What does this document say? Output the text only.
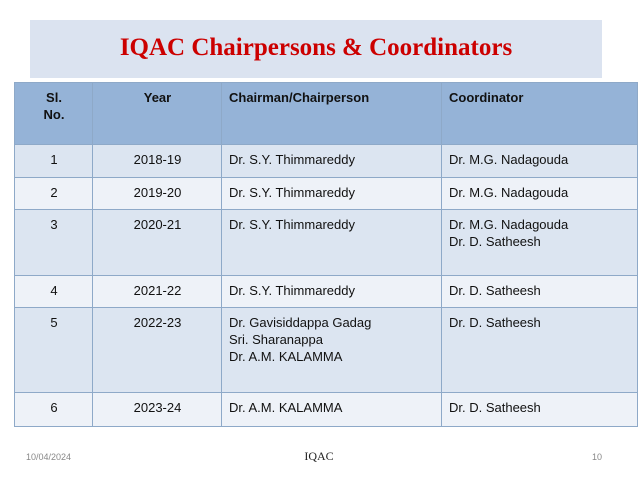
IQAC Chairpersons & Coordinators
Sl.
No.	Year	Chairman/Chairperson	Coordinator
1	2018-19	Dr. S.Y. Thimmareddy	Dr. M.G. Nadagouda

2	2019-20	Dr. S.Y. Thimmareddy	Dr. M.G. Nadagouda

3	2020-21	Dr. S.Y. Thimmareddy	Dr. M.G. Nadagouda
Dr. D. Satheesh

4	2021-22	Dr. S.Y. Thimmareddy	Dr. D. Satheesh

5	2022-23	Dr. Gavisiddappa Gadag
Sri. Sharanappa
Dr. A.M. KALAMMA	Dr. D. Satheesh

6	2023-24	Dr. A.M. KALAMMA	Dr. D. Satheesh
10/04/2024	IQAC	10
